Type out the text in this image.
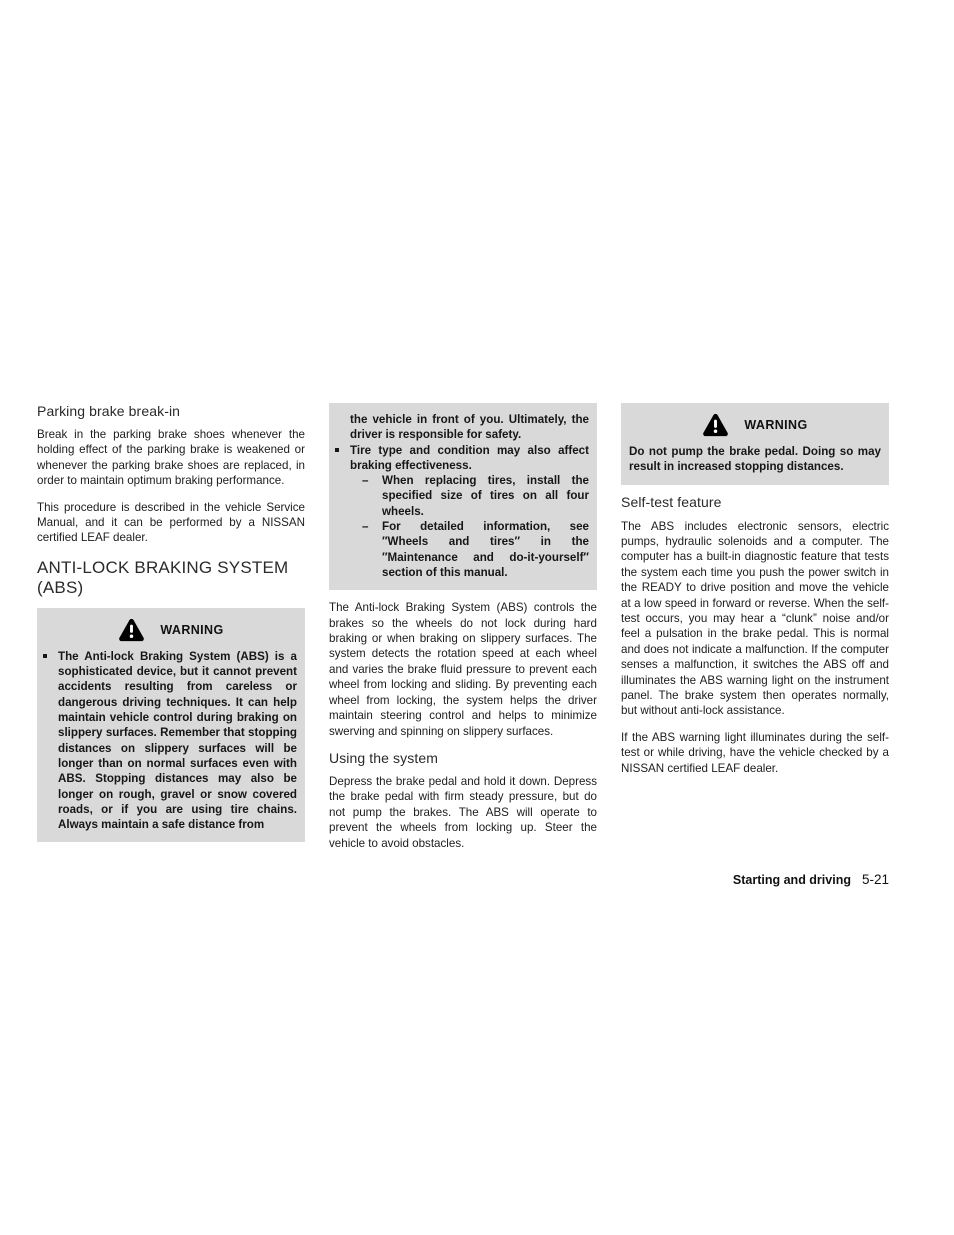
Parking brake break-in

Break in the parking brake shoes whenever the holding effect of the parking brake is weakened or whenever the parking brake shoes are replaced, in order to maintain optimum braking performance.

This procedure is described in the vehicle Service Manual, and it can be performed by a NISSAN certified LEAF dealer.

ANTI-LOCK BRAKING SYSTEM (ABS)
WARNING
The Anti-lock Braking System (ABS) is a sophisticated device, but it cannot prevent accidents resulting from careless or dangerous driving techniques. It can help maintain vehicle control during braking on slippery surfaces. Remember that stopping distances on slippery surfaces will be longer than on normal surfaces even with ABS. Stopping distances may also be longer on rough, gravel or snow covered roads, or if you are using tire chains. Always maintain a safe distance from
the vehicle in front of you. Ultimately, the driver is responsible for safety.
Tire type and condition may also affect braking effectiveness.
– When replacing tires, install the specified size of tires on all four wheels.
– For detailed information, see ″Wheels and tires″ in the ″Maintenance and do-it-yourself″ section of this manual.

The Anti-lock Braking System (ABS) controls the brakes so the wheels do not lock during hard braking or when braking on slippery surfaces. The system detects the rotation speed at each wheel and varies the brake fluid pressure to prevent each wheel from locking and sliding. By preventing each wheel from locking, the system helps the driver maintain steering control and helps to minimize swerving and spinning on slippery surfaces.

Using the system

Depress the brake pedal and hold it down. Depress the brake pedal with firm steady pressure, but do not pump the brakes. The ABS will operate to prevent the wheels from locking up. Steer the vehicle to avoid obstacles.

WARNING
Do not pump the brake pedal. Doing so may result in increased stopping distances.
Self-test feature

The ABS includes electronic sensors, electric pumps, hydraulic solenoids and a computer. The computer has a built-in diagnostic feature that tests the system each time you push the power switch in the READY to drive position and move the vehicle at a low speed in forward or reverse. When the self-test occurs, you may hear a “clunk” noise and/or feel a pulsation in the brake pedal. This is normal and does not indicate a malfunction. If the computer senses a malfunction, it switches the ABS off and illuminates the ABS warning light on the instrument panel. The brake system then operates normally, but without anti-lock assistance.

If the ABS warning light illuminates during the self-test or while driving, have the vehicle checked by a NISSAN certified LEAF dealer.

Starting and driving 5-21
